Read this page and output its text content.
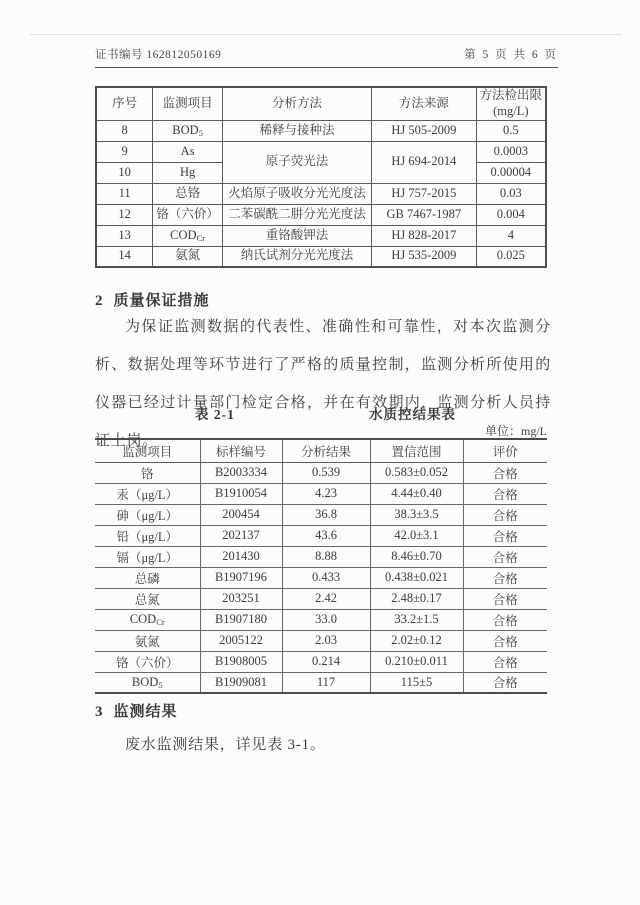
证书编号 162812050169	第 5 页 共 6 页
序号	监测项目	分析方法	方法来源	方法检出限
(mg/L)
8	$BOD_5$	稀释与接种法	HJ 505-2009	0.5
9	As	原子荧光法	HJ 694-2014	0.0003
10	Hg			0.00004
11	总铬	火焰原子吸收分光光度法	HJ 757-2015	0.03
12	铬（六价）	二苯碳酰二肼分光光度法	GB 7467-1987	0.004
13	$COD_{Cr}$	重铬酸钾法	HJ 828-2017	4
14	氨氮	纳氏试剂分光光度法	HJ 535-2009	0.025
2 质量保证措施
为保证监测数据的代表性、准确性和可靠性，对本次监测分析、数据处理等环节进行了严格的质量控制，监测分析所使用的仪器已经过计量部门检定合格，并在有效期内，监测分析人员持证上岗。
表 2-1	水质控结果表
单位：mg/L
监测项目	标样编号	分析结果	置信范围	评价
铬	B2003334	0.539	0.583±0.052	合格
汞（μg/L）	B1910054	4.23	4.44±0.40	合格
砷（μg/L）	200454	36.8	38.3±3.5	合格
铅（μg/L）	202137	43.6	42.0±3.1	合格
镉（μg/L）	201430	8.88	8.46±0.70	合格
总磷	B1907196	0.433	0.438±0.021	合格
总氮	203251	2.42	2.48±0.17	合格
$COD_{Cr}$	B1907180	33.0	33.2±1.5	合格
氨氮	2005122	2.03	2.02±0.12	合格
铬（六价）	B1908005	0.214	0.210±0.011	合格
$BOD_5$	B1909081	117	115±5	合格
3 监测结果
废水监测结果，详见表 3-1。
